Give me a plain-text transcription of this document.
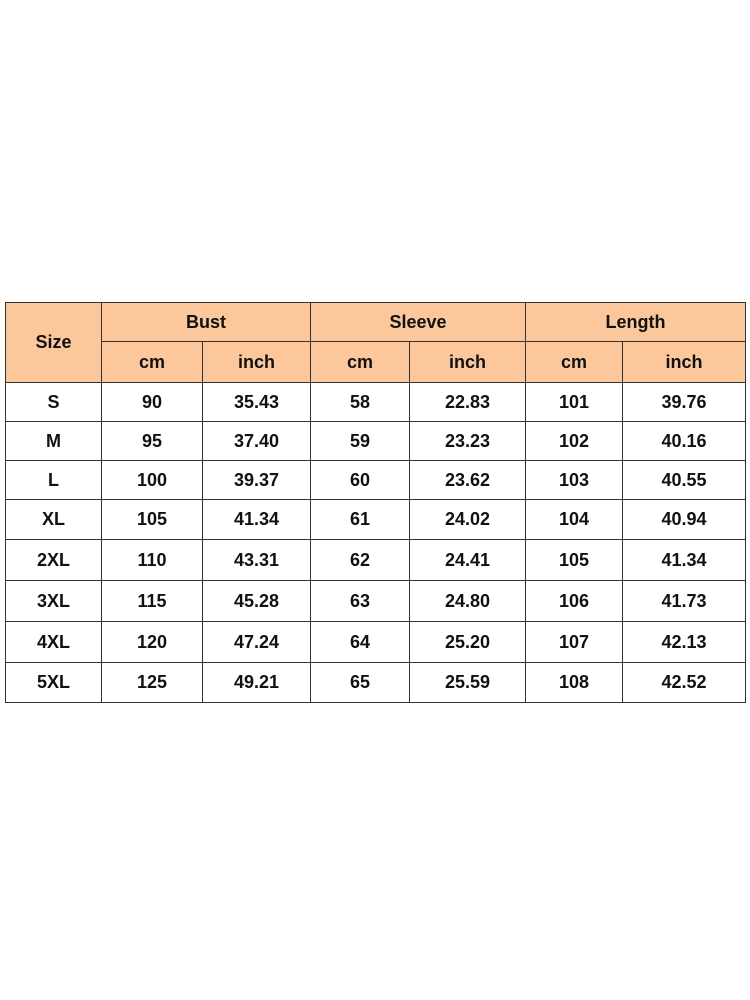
Size	Bust		Sleeve		Length	
	cm	inch	cm	inch	cm	inch
S	90	35.43	58	22.83	101	39.76
M	95	37.40	59	23.23	102	40.16
L	100	39.37	60	23.62	103	40.55
XL	105	41.34	61	24.02	104	40.94
2XL	110	43.31	62	24.41	105	41.34
3XL	115	45.28	63	24.80	106	41.73
4XL	120	47.24	64	25.20	107	42.13
5XL	125	49.21	65	25.59	108	42.52
